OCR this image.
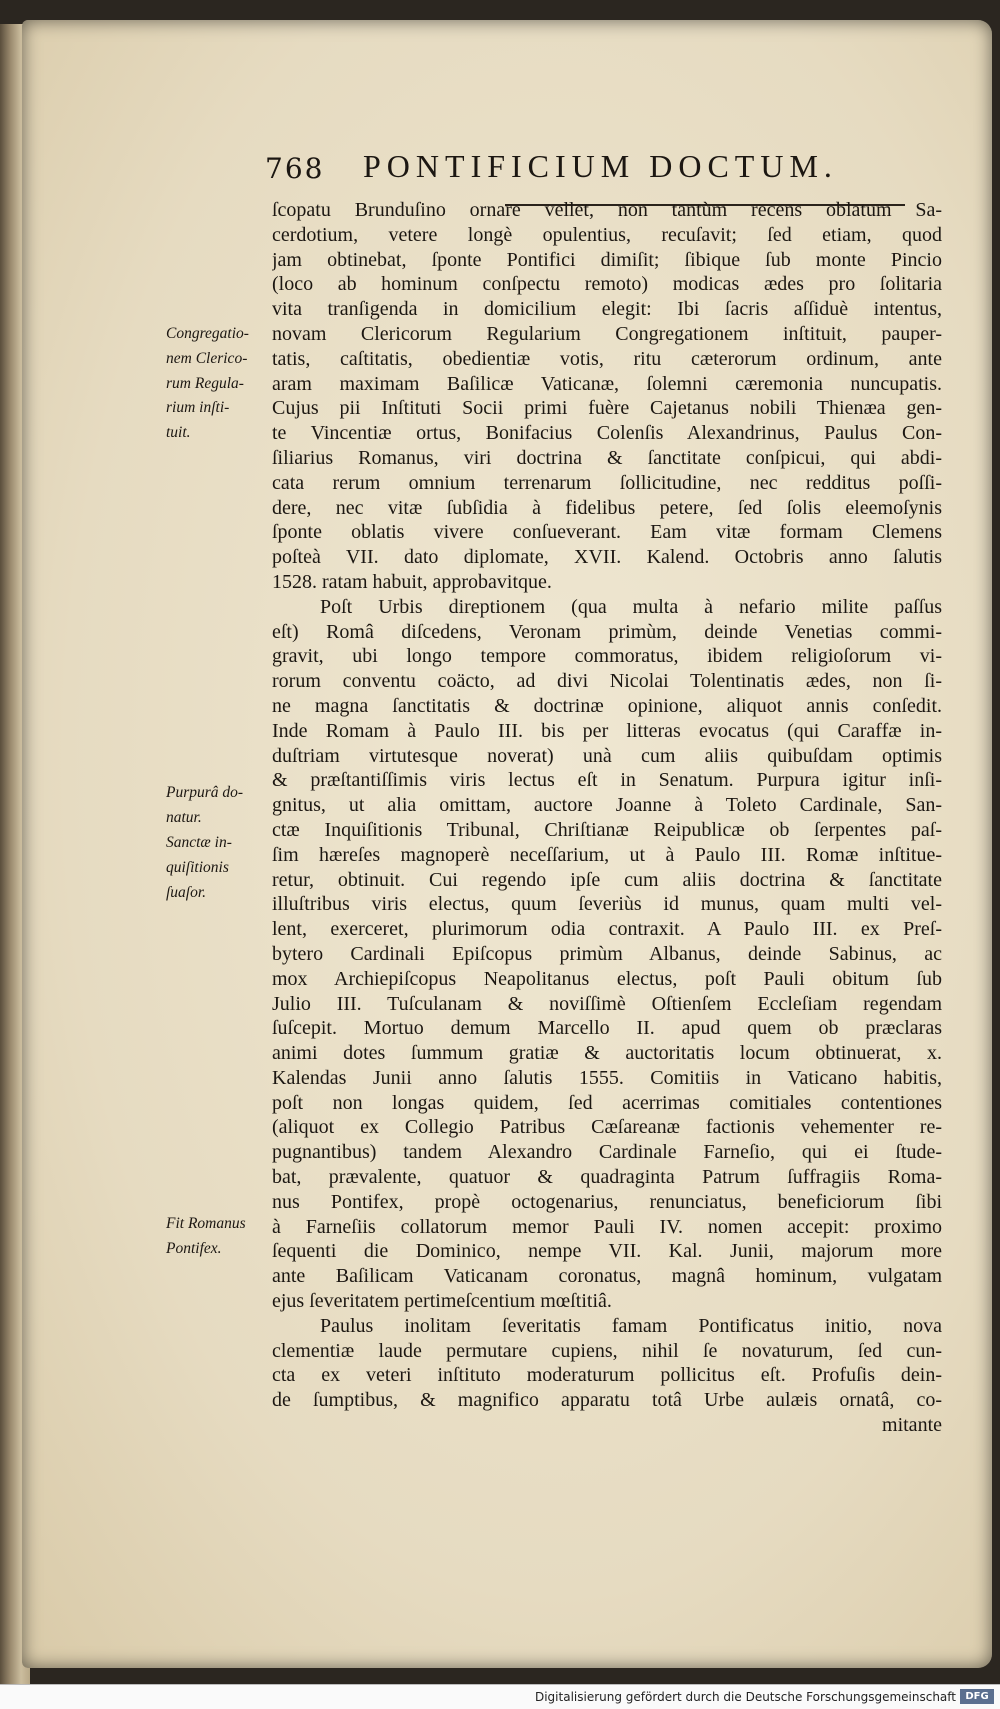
768 PONTIFICIUM DOCTUM.
ſcopatu Brunduſino ornare vellet, non tantùm recens oblatum Sa-
cerdotium, vetere longè opulentius, recuſavit; ſed etiam, quod
jam obtinebat, ſponte Pontifici dimiſit; ſibique ſub monte Pincio
(loco ab hominum conſpectu remoto) modicas ædes pro ſolitaria
vita tranſigenda in domicilium elegit: Ibi ſacris aſſiduè intentus,
novam Clericorum Regularium Congregationem inſtituit, pauper-
tatis, caſtitatis, obedientiæ votis, ritu cæterorum ordinum, ante
aram maximam Baſilicæ Vaticanæ, ſolemni cæremonia nuncupatis.
Cujus pii Inſtituti Socii primi fuère Cajetanus nobili Thienæa gen-
te Vincentiæ ortus, Bonifacius Colenſis Alexandrinus, Paulus Con-
ſiliarius Romanus, viri doctrina & ſanctitate conſpicui, qui abdi-
cata rerum omnium terrenarum ſollicitudine, nec redditus poſſi-
dere, nec vitæ ſubſidia à fidelibus petere, ſed ſolis eleemoſynis
ſponte oblatis vivere conſueverant. Eam vitæ formam Clemens
poſteà VII. dato diplomate, XVII. Kalend. Octobris anno ſalutis
1528. ratam habuit, approbavitque.
Poſt Urbis direptionem (qua multa à nefario milite paſſus
eſt) Româ diſcedens, Veronam primùm, deinde Venetias commi-
gravit, ubi longo tempore commoratus, ibidem religioſorum vi-
rorum conventu coäcto, ad divi Nicolai Tolentinatis ædes, non ſi-
ne magna ſanctitatis & doctrinæ opinione, aliquot annis conſedit.
Inde Romam à Paulo III. bis per litteras evocatus (qui Caraffæ in-
duſtriam virtutesque noverat) unà cum aliis quibuſdam optimis
& præſtantiſſimis viris lectus eſt in Senatum. Purpura igitur inſi-
gnitus, ut alia omittam, auctore Joanne à Toleto Cardinale, San-
ctæ Inquiſitionis Tribunal, Chriſtianæ Reipublicæ ob ſerpentes paſ-
ſim hæreſes magnoperè neceſſarium, ut à Paulo III. Romæ inſtitue-
retur, obtinuit. Cui regendo ipſe cum aliis doctrina & ſanctitate
illuſtribus viris electus, quum ſeveriùs id munus, quam multi vel-
lent, exerceret, plurimorum odia contraxit. A Paulo III. ex Preſ-
bytero Cardinali Epiſcopus primùm Albanus, deinde Sabinus, ac
mox Archiepiſcopus Neapolitanus electus, poſt Pauli obitum ſub
Julio III. Tuſculanam & noviſſimè Oſtienſem Eccleſiam regendam
ſuſcepit. Mortuo demum Marcello II. apud quem ob præclaras
animi dotes ſummum gratiæ & auctoritatis locum obtinuerat, x.
Kalendas Junii anno ſalutis 1555. Comitiis in Vaticano habitis,
poſt non longas quidem, ſed acerrimas comitiales contentiones
(aliquot ex Collegio Patribus Cæſareanæ factionis vehementer re-
pugnantibus) tandem Alexandro Cardinale Farneſio, qui ei ſtude-
bat, prævalente, quatuor & quadraginta Patrum ſuffragiis Roma-
nus Pontifex, propè octogenarius, renunciatus, beneficiorum ſibi
à Farneſiis collatorum memor Pauli IV. nomen accepit: proximo
ſequenti die Dominico, nempe VII. Kal. Junii, majorum more
ante Baſilicam Vaticanam coronatus, magnâ hominum, vulgatam
ejus ſeveritatem pertimeſcentium mœſtitiâ.
Paulus inolitam ſeveritatis famam Pontificatus initio, nova
clementiæ laude permutare cupiens, nihil ſe novaturum, ſed cun-
cta ex veteri inſtituto moderaturum pollicitus eſt. Profuſis dein-
de ſumptibus, & magnifico apparatu totâ Urbe aulæis ornatâ, co-
mitante
Congregatio-
nem Clerico-
rum Regula-
rium inſti-
tuit.
Purpurâ do-
natur.
Sanctæ in-
quiſitionis
ſuaſor.
Fit Romanus
Pontifex.
Digitalisierung gefördert durch die Deutsche Forschungsgemeinschaft DFG
